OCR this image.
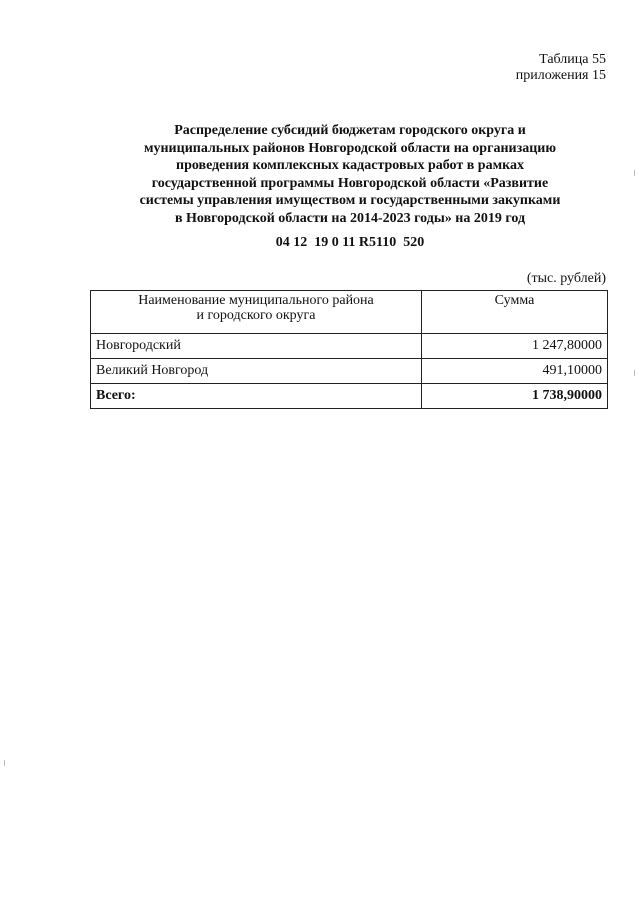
Таблица 55
приложения 15
Распределение субсидий бюджетам городского округа и
муниципальных районов Новгородской области на организацию
проведения комплексных кадастровых работ в рамках
государственной программы Новгородской области «Развитие
системы управления имуществом и государственными закупками
в Новгородской области на 2014-2023 годы» на 2019 год
04 12  19 0 11 R5110  520
(тыс. рублей)
Наименование муниципального района
и городского округа	Сумма
Новгородский	1 247,80000
Великий Новгород	491,10000
Всего:	1 738,90000
